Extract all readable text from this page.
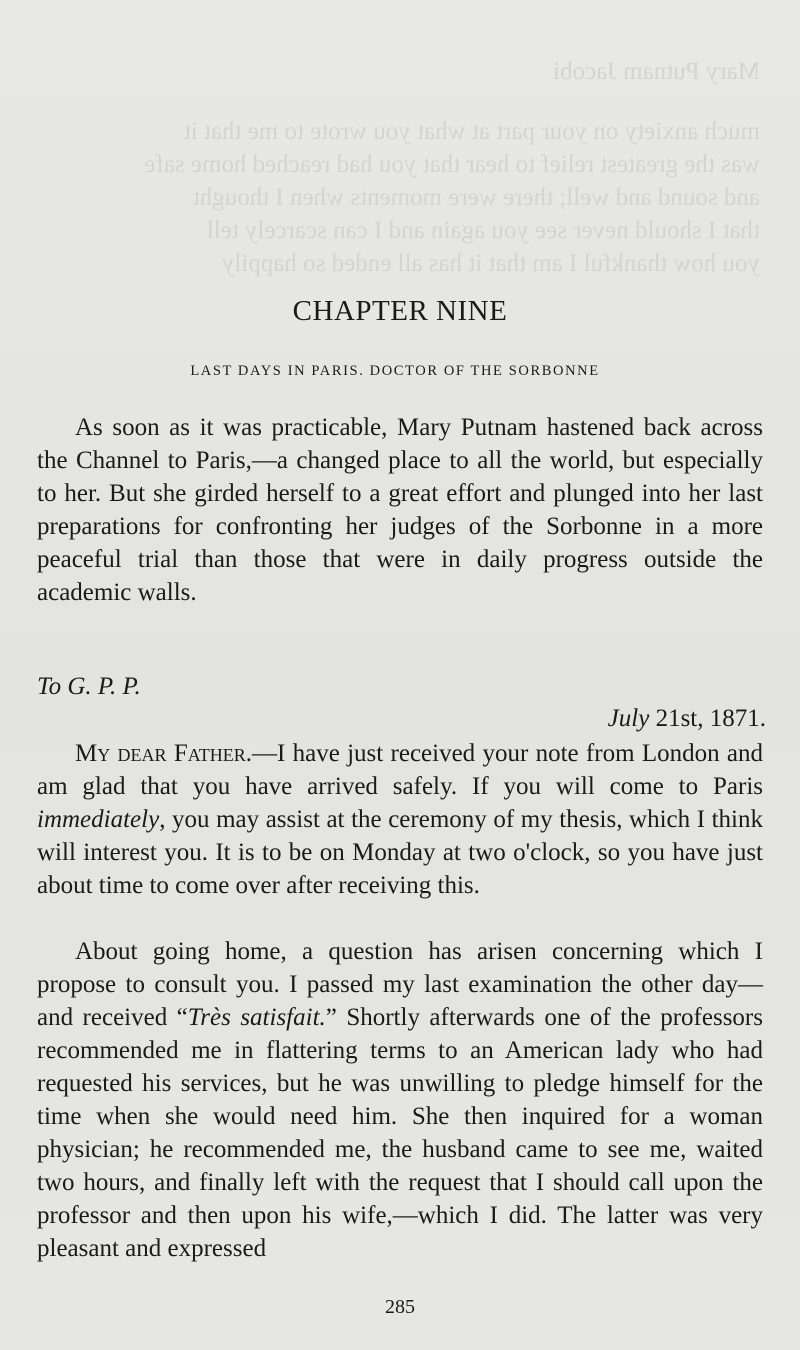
Mary Putnam Jacobi
much anxiety on your part at what you wrote to me that it
was the greatest relief to hear that you had reached home safe
and sound and well; there were moments when I thought
that I should never see you again and I can scarcely tell
you how thankful I am that it has all ended so happily
CHAPTER NINE
LAST DAYS IN PARIS. DOCTOR OF THE SORBONNE

As soon as it was practicable, Mary Putnam hastened back across the Channel to Paris,—a changed place to all the world, but especially to her. But she girded herself to a great effort and plunged into her last preparations for confronting her judges of the Sorbonne in a more peaceful trial than those that were in daily progress outside the academic walls.

To G. P. P.

July 21st, 1871.

My dear Father.—I have just received your note from London and am glad that you have arrived safely. If you will come to Paris immediately, you may assist at the ceremony of my thesis, which I think will interest you. It is to be on Monday at two o'clock, so you have just about time to come over after receiving this.

About going home, a question has arisen concerning which I propose to consult you. I passed my last examination the other day—and received “Très satisfait.” Shortly afterwards one of the professors recommended me in flattering terms to an American lady who had requested his services, but he was unwilling to pledge himself for the time when she would need him. She then inquired for a woman physician; he recommended me, the husband came to see me, waited two hours, and finally left with the request that I should call upon the professor and then upon his wife,—which I did. The latter was very pleasant and expressed

285
